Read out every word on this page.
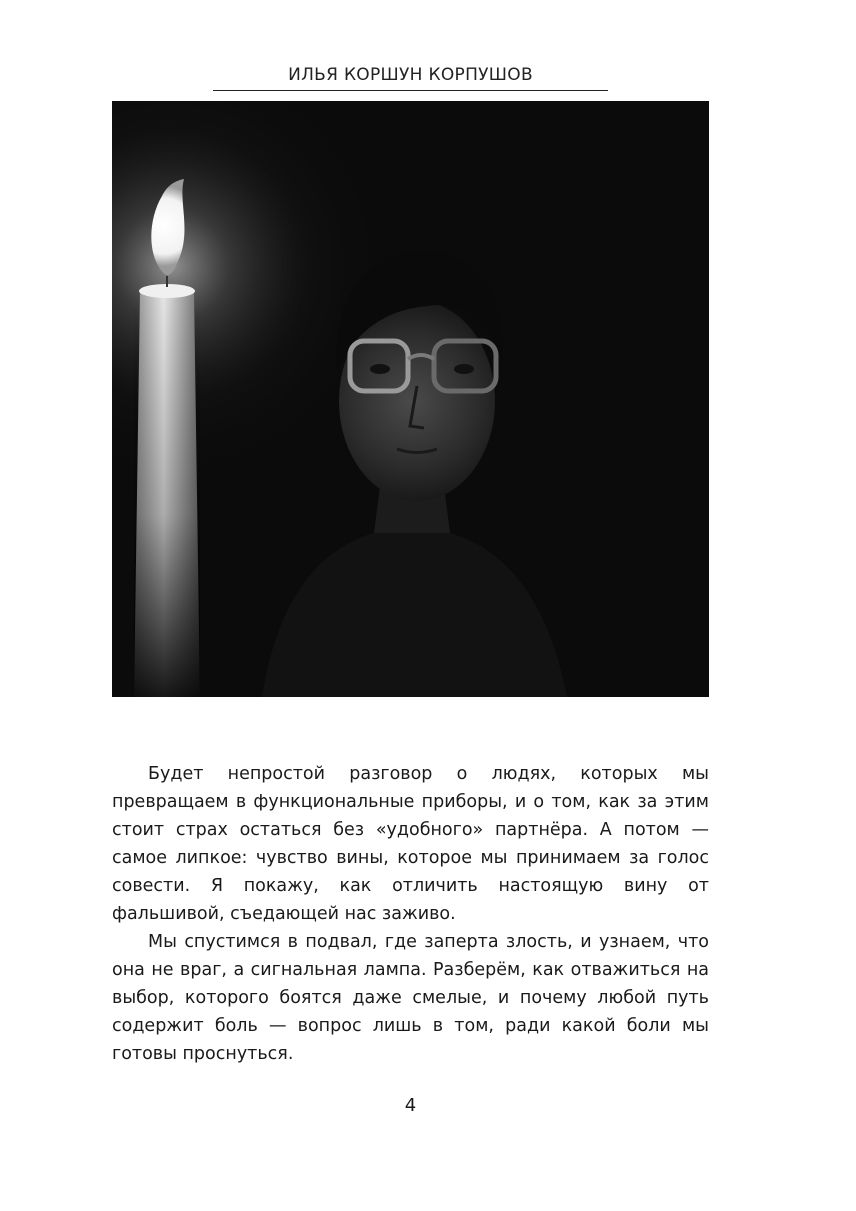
ИЛЬЯ КОРШУН КОРПУШОВ

Будет непростой разговор о людях, которых мы превращаем в функциональные приборы, и о том, как за этим стоит страх остаться без «удобного» партнёра. А потом — самое липкое: чувство вины, которое мы принимаем за голос совести. Я покажу, как отличить настоящую вину от фальшивой, съедающей нас заживо.

Мы спустимся в подвал, где заперта злость, и узнаем, что она не враг, а сигнальная лампа. Разберём, как отважиться на выбор, которого боятся даже смелые, и почему любой путь содержит боль — вопрос лишь в том, ради какой боли мы готовы проснуться.

4
